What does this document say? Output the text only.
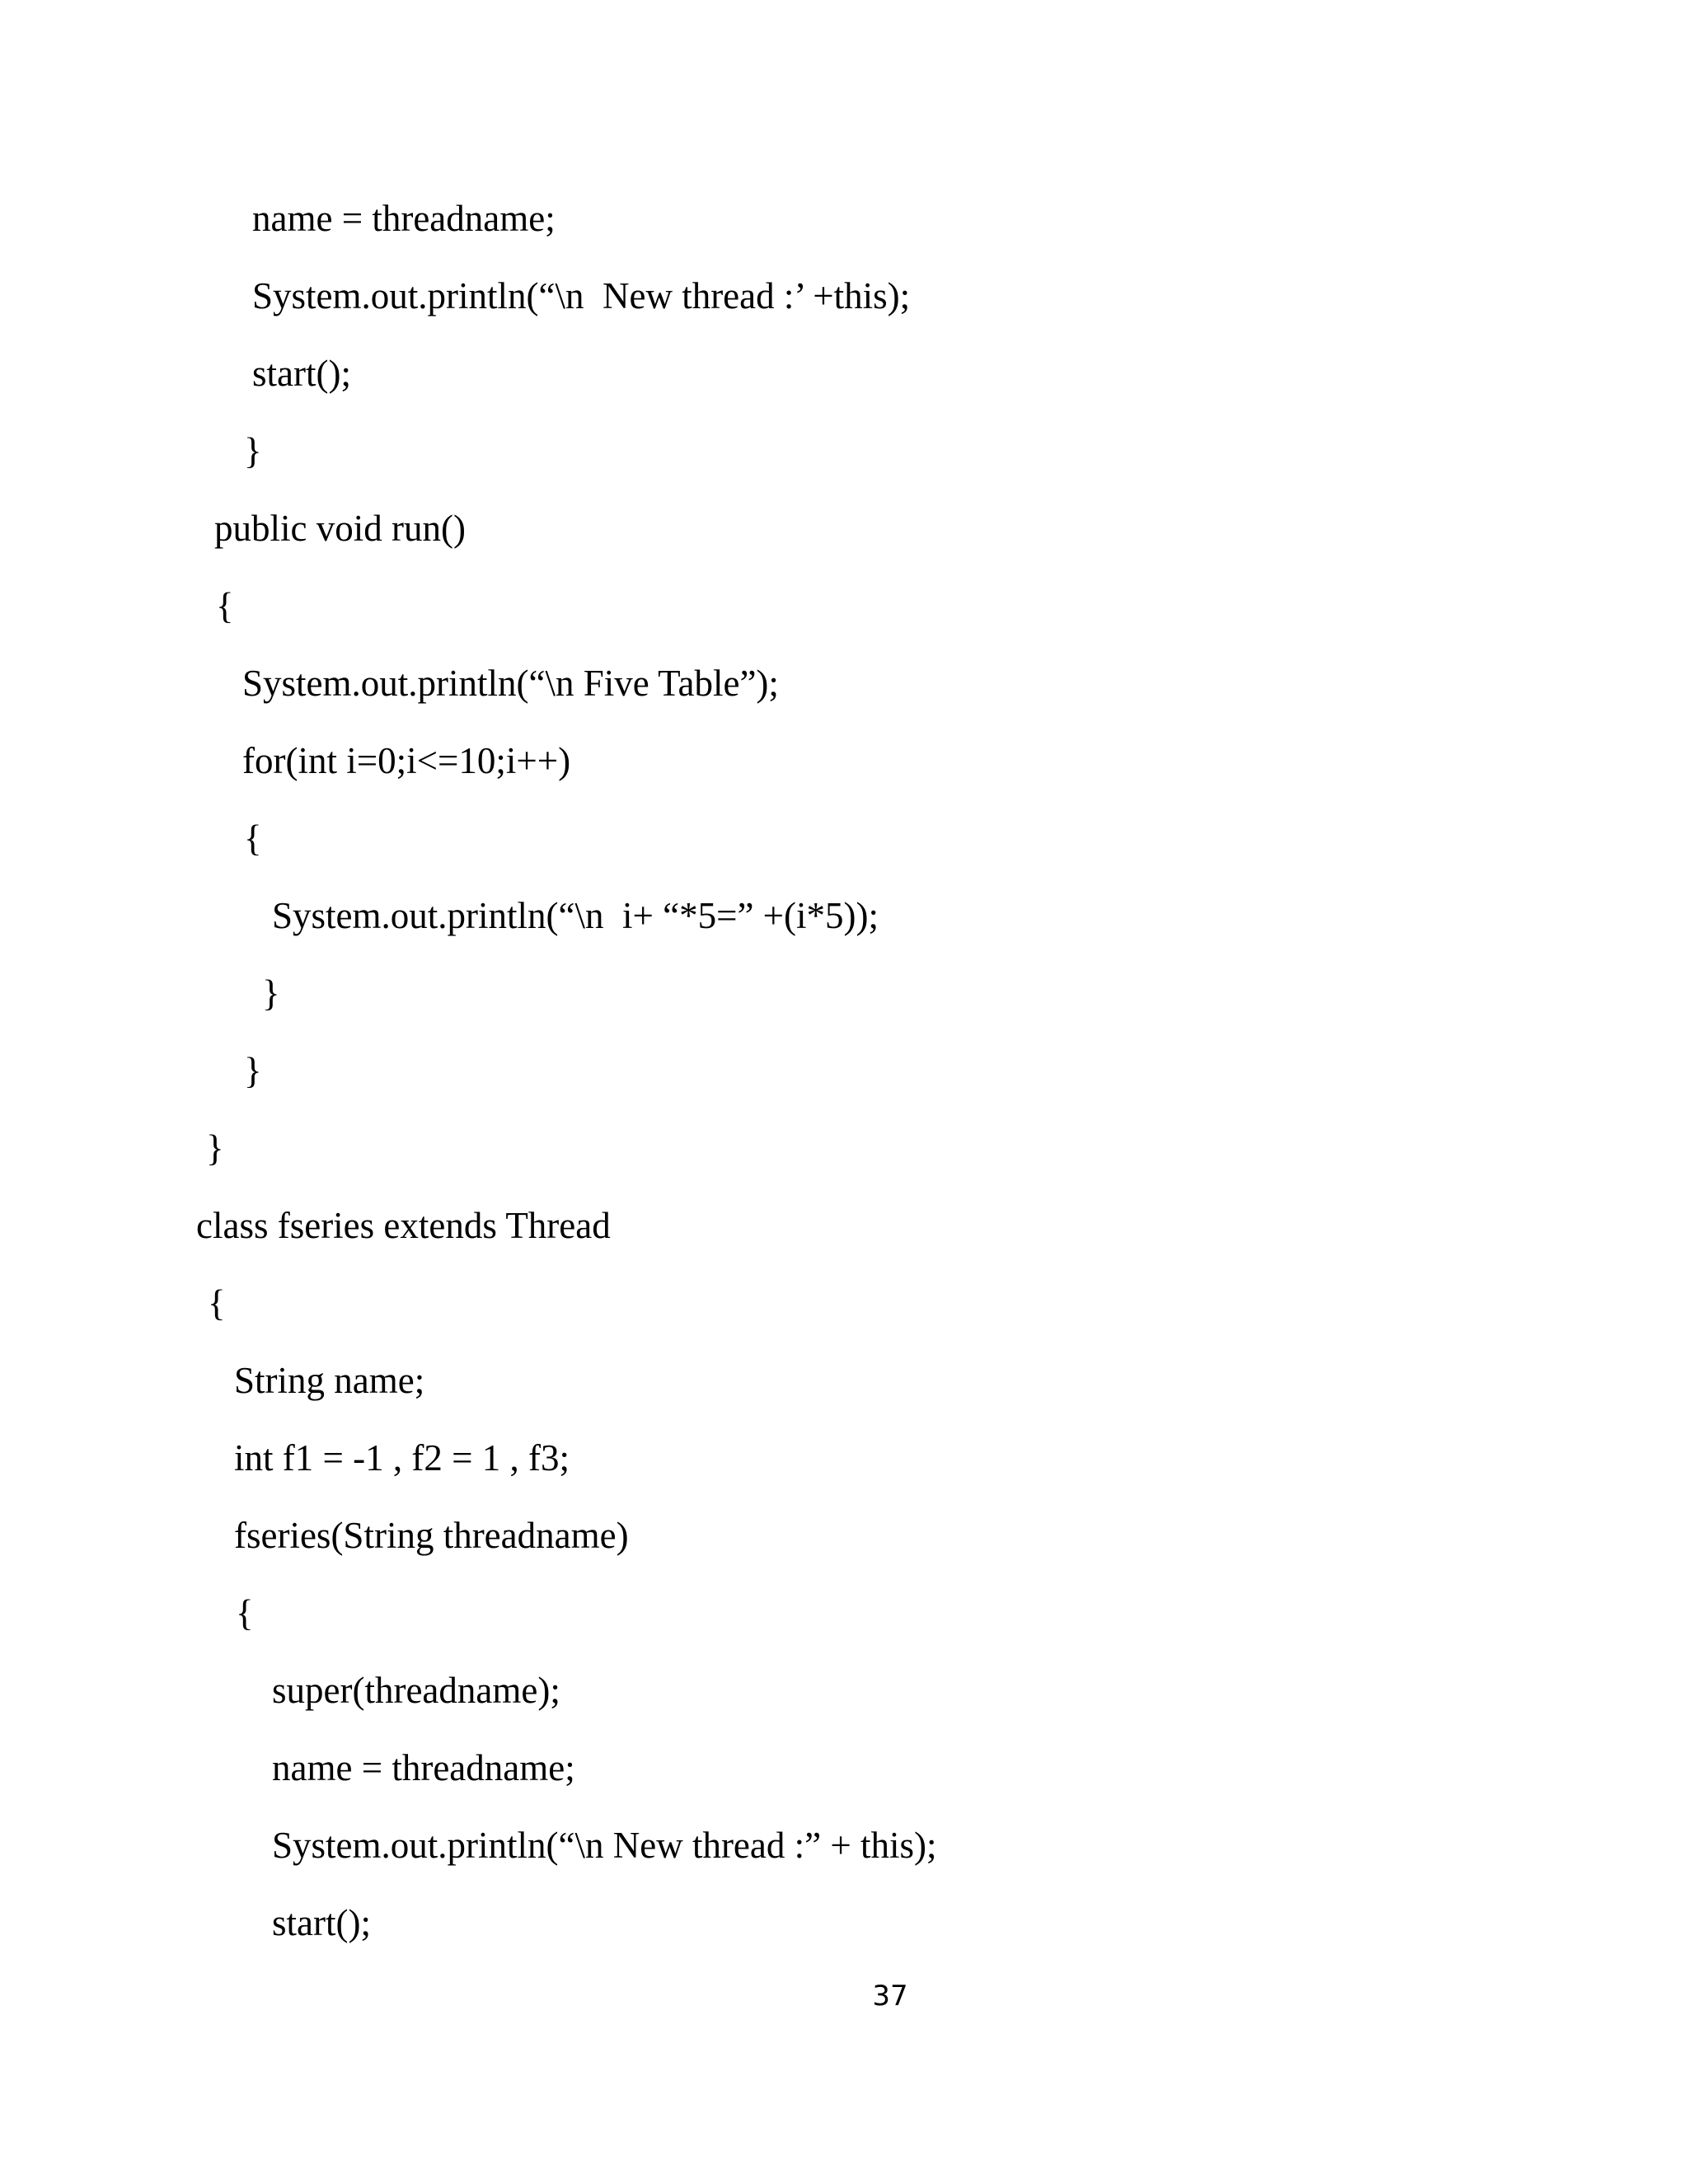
name = threadname;

System.out.println(“\n  New thread :’ +this);

start();

}

public void run()

{

System.out.println(“\n Five Table”);

for(int i=0;i<=10;i++)

{

System.out.println(“\n  i+ “*5=” +(i*5));

}

}

}

class fseries extends Thread

{

String name;

int f1 = -1 , f2 = 1 , f3;

fseries(String threadname)

{

super(threadname);

name = threadname;

System.out.println(“\n New thread :” + this);

start();

37
